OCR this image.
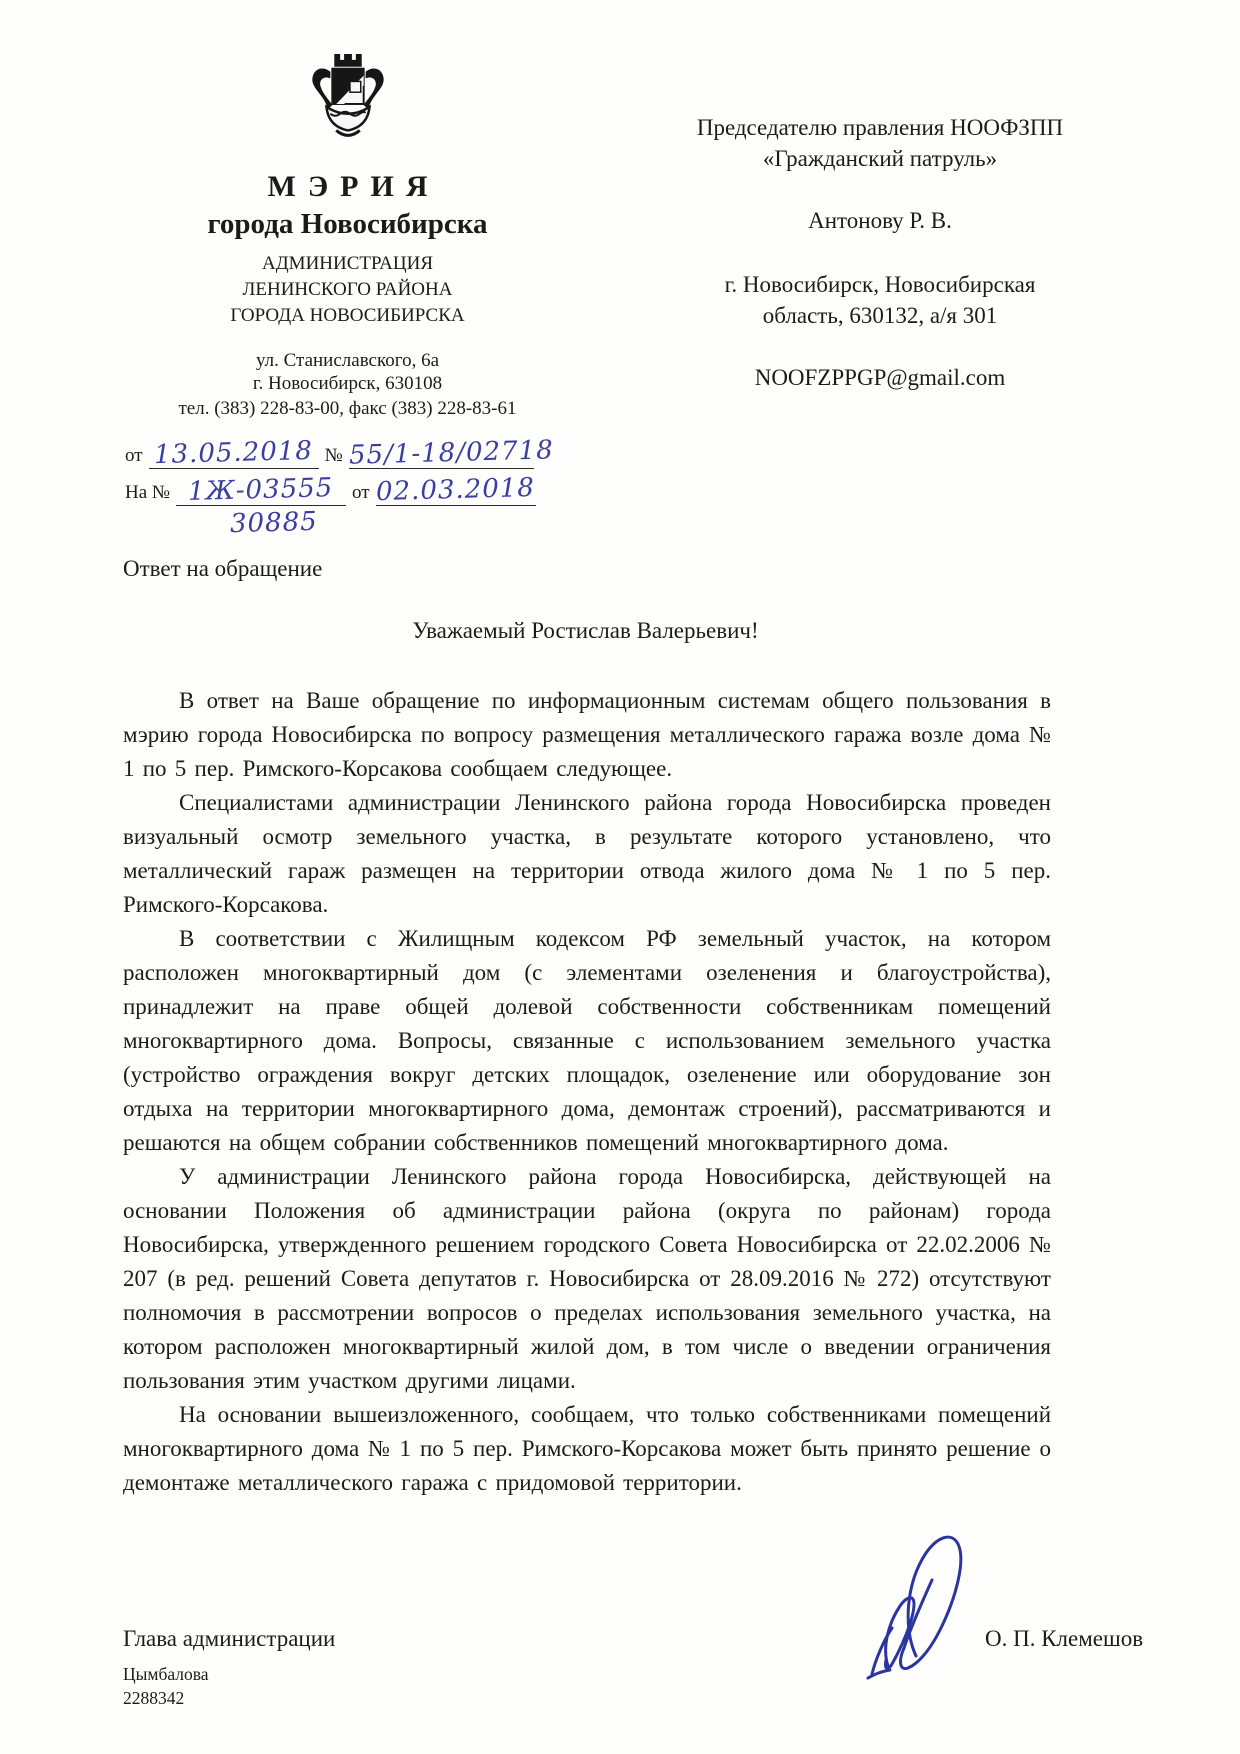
МЭРИЯ
города Новосибирска
АДМИНИСТРАЦИЯ
ЛЕНИНСКОГО РАЙОНА
ГОРОДА НОВОСИБИРСКА
ул. Станиславского, 6а
г. Новосибирск, 630108
тел. (383) 228-83-00, факс (383) 228-83-61
от 13.05.2018 № 55/1-18/02718
На № 1Ж-03555 от 02.03.2018
30885
Председателю правления НООФЗПП
«Гражданский патруль»
Антонову Р. В.
г. Новосибирск, Новосибирская
область, 630132, а/я 301
NOOFZPPGP@gmail.com
Ответ на обращение
Уважаемый Ростислав Валерьевич!

В ответ на Ваше обращение по информационным системам общего пользования в мэрию города Новосибирска по вопросу размещения металлического гаража возле дома № 1 по 5 пер. Римского-Корсакова сообщаем следующее.

Специалистами администрации Ленинского района города Новосибирска проведен визуальный осмотр земельного участка, в результате которого установлено, что металлический гараж размещен на территории отвода жилого дома № 1 по 5 пер. Римского-Корсакова.

В соответствии с Жилищным кодексом РФ земельный участок, на котором расположен многоквартирный дом (с элементами озеленения и благоустройства), принадлежит на праве общей долевой собственности собственникам помещений многоквартирного дома. Вопросы, связанные с использованием земельного участка (устройство ограждения вокруг детских площадок, озеленение или оборудование зон отдыха на территории многоквартирного дома, демонтаж строений), рассматриваются и решаются на общем собрании собственников помещений многоквартирного дома.

У администрации Ленинского района города Новосибирска, действующей на основании Положения об администрации района (округа по районам) города Новосибирска, утвержденного решением городского Совета Новосибирска от 22.02.2006 № 207 (в ред. решений Совета депутатов г. Новосибирска от 28.09.2016 № 272) отсутствуют полномочия в рассмотрении вопросов о пределах использования земельного участка, на котором расположен многоквартирный жилой дом, в том числе о введении ограничения пользования этим участком другими лицами.

На основании вышеизложенного, сообщаем, что только собственниками помещений многоквартирного дома № 1 по 5 пер. Римского-Корсакова может быть принято решение о демонтаже металлического гаража с придомовой территории.

Глава администрации	О. П. Клемешов
Цымбалова
2288342
